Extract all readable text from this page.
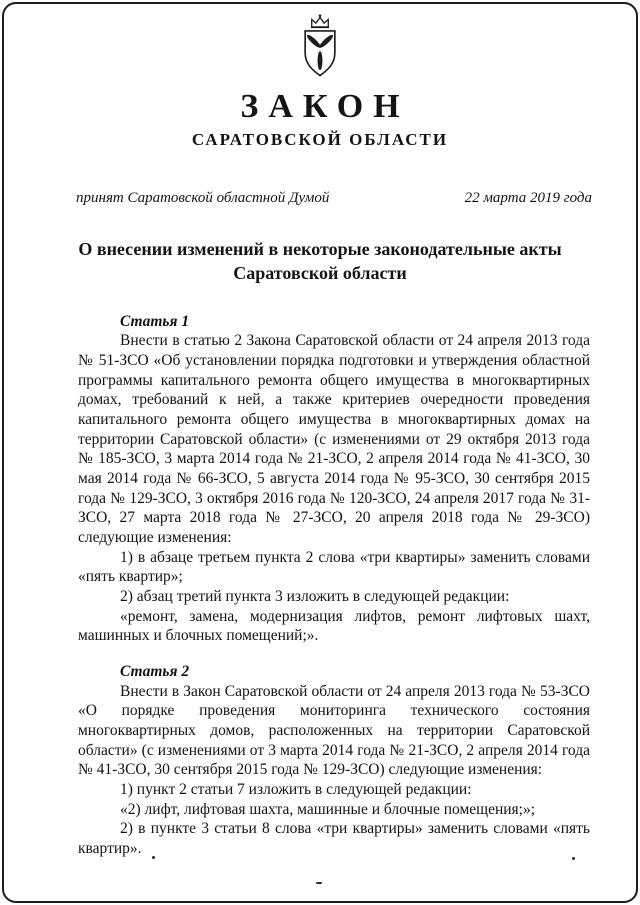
ЗАКОН
САРАТОВСКОЙ ОБЛАСТИ
принят Саратовской областной Думой	22 марта 2019 года
О внесении изменений в некоторые законодательные акты Саратовской области
Статья 1

Внести в статью 2 Закона Саратовской области от 24 апреля 2013 года № 51-ЗСО «Об установлении порядка подготовки и утверждения областной программы капитального ремонта общего имущества в многоквартирных домах, требований к ней, а также критериев очередности проведения капитального ремонта общего имущества в многоквартирных домах на территории Саратовской области» (с изменениями от 29 октября 2013 года № 185-ЗСО, 3 марта 2014 года № 21-ЗСО, 2 апреля 2014 года № 41-ЗСО, 30 мая 2014 года № 66-ЗСО, 5 августа 2014 года № 95-ЗСО, 30 сентября 2015 года № 129-ЗСО, 3 октября 2016 года № 120-ЗСО, 24 апреля 2017 года № 31-ЗСО, 27 марта 2018 года № 27-ЗСО, 20 апреля 2018 года № 29-ЗСО) следующие изменения:

1) в абзаце третьем пункта 2 слова «три квартиры» заменить словами «пять квартир»;

2) абзац третий пункта 3 изложить в следующей редакции:

«ремонт, замена, модернизация лифтов, ремонт лифтовых шахт, машинных и блочных помещений;».

Статья 2

Внести в Закон Саратовской области от 24 апреля 2013 года № 53-ЗСО «О порядке проведения мониторинга технического состояния многоквартирных домов, расположенных на территории Саратовской области» (с изменениями от 3 марта 2014 года № 21-ЗСО, 2 апреля 2014 года № 41-ЗСО, 30 сентября 2015 года № 129-ЗСО) следующие изменения:

1) пункт 2 статьи 7 изложить в следующей редакции:

«2) лифт, лифтовая шахта, машинные и блочные помещения;»;

2) в пункте 3 статьи 8 слова «три квартиры» заменить словами «пять квартир».
